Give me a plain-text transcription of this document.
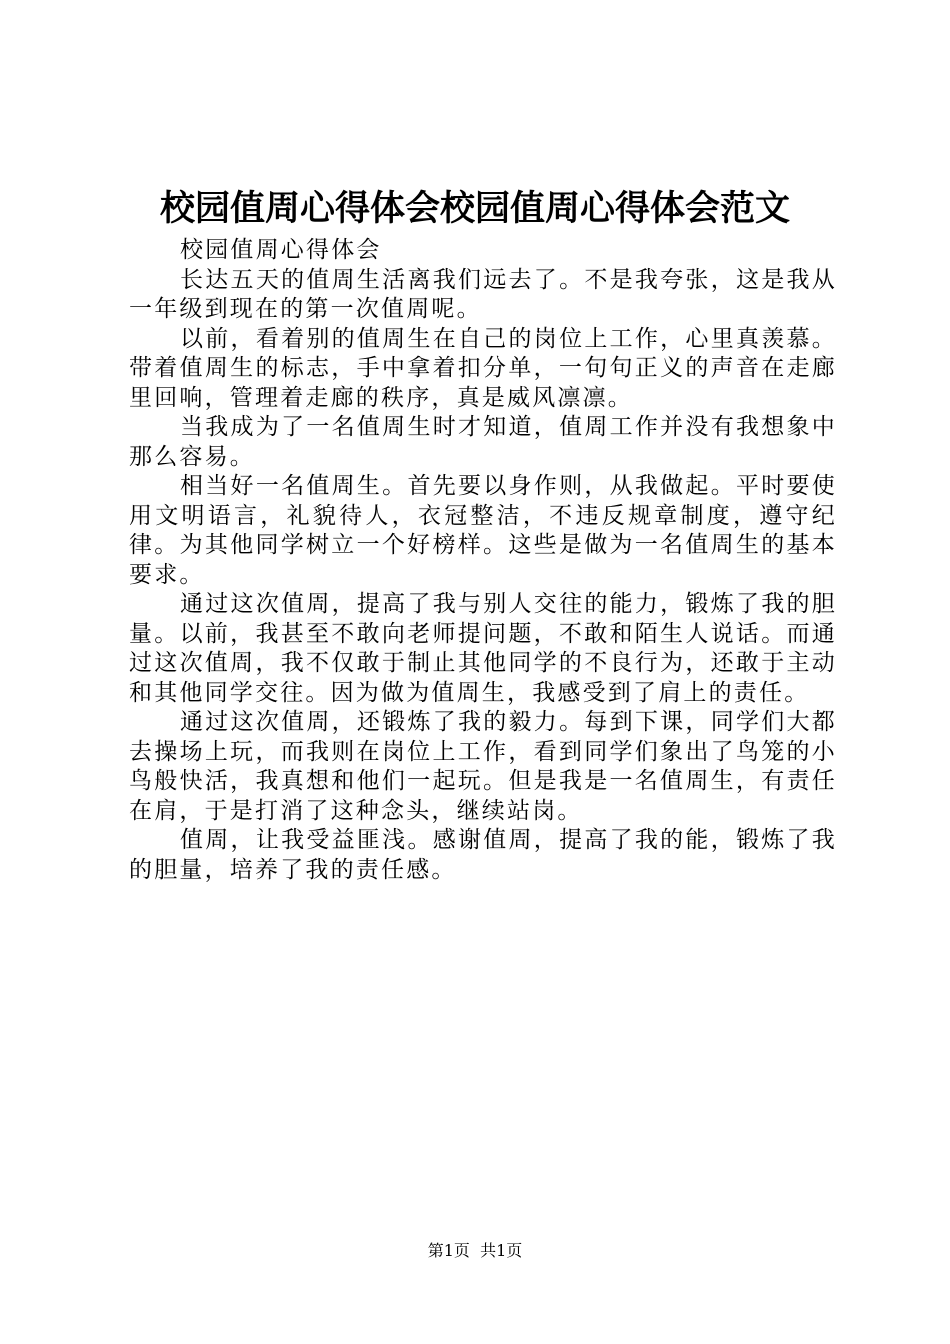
校园值周心得体会校园值周心得体会范文

校园值周心得体会

长达五天的值周生活离我们远去了。不是我夸张，这是我从一年级到现在的第一次值周呢。

以前，看着别的值周生在自己的岗位上工作，心里真羡慕。带着值周生的标志，手中拿着扣分单，一句句正义的声音在走廊里回响，管理着走廊的秩序，真是威风凛凛。

当我成为了一名值周生时才知道，值周工作并没有我想象中那么容易。

相当好一名值周生。首先要以身作则，从我做起。平时要使用文明语言，礼貌待人，衣冠整洁，不违反规章制度，遵守纪律。为其他同学树立一个好榜样。这些是做为一名值周生的基本要求。

通过这次值周，提高了我与别人交往的能力，锻炼了我的胆量。以前，我甚至不敢向老师提问题，不敢和陌生人说话。而通过这次值周，我不仅敢于制止其他同学的不良行为，还敢于主动和其他同学交往。因为做为值周生，我感受到了肩上的责任。

通过这次值周，还锻炼了我的毅力。每到下课，同学们大都去操场上玩，而我则在岗位上工作，看到同学们象出了鸟笼的小鸟般快活，我真想和他们一起玩。但是我是一名值周生，有责任在肩，于是打消了这种念头，继续站岗。

值周，让我受益匪浅。感谢值周，提高了我的能，锻炼了我的胆量，培养了我的责任感。

第1页  共1页
